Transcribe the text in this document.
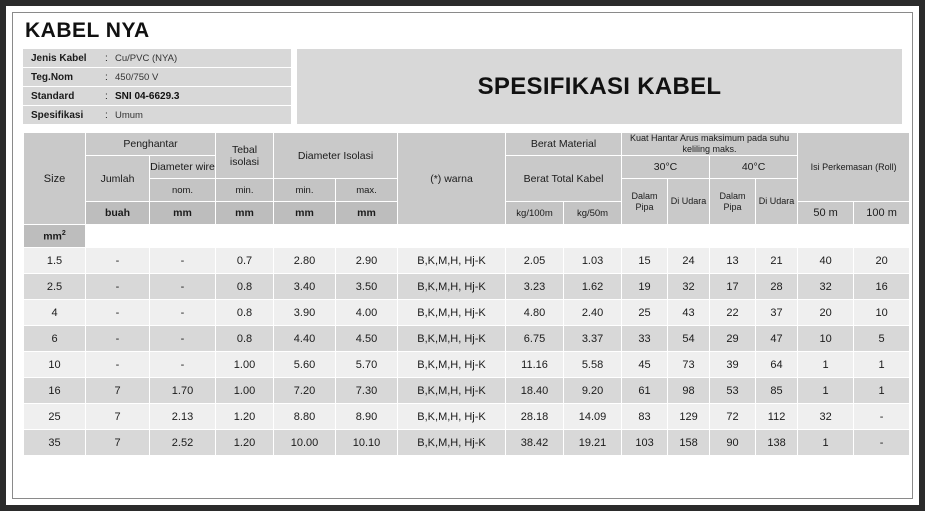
KABEL NYA
Jenis Kabel	: Cu/PVC (NYA)
Teg.Nom	: 450/750 V
Standard	: SNI 04-6629.3
Spesifikasi	: Umum
SPESIFIKASI KABEL
Size	Penghantar		Tebal isolasi	Diameter Isolasi		(*) warna	Berat Material		Kuat Hantar Arus maksimum pada suhu keliling maks.				Isi Perkemasan (Roll)	
	Jumlah	Diameter wire					Berat Total Kabel		30°C		40°C			
		nom.	min.	min.	max.				Dalam Pipa	Di Udara	Dalam Pipa	Di Udara		
	buah	mm	mm	mm	mm		kg/100m	kg/50m					50 m	100 m
$mm^2$	
1.5	-	-	0.7	2.80	2.90	B,K,M,H, Hj-K	2.05	1.03	15	24	13	21	40	20
2.5	-	-	0.8	3.40	3.50	B,K,M,H, Hj-K	3.23	1.62	19	32	17	28	32	16
4	-	-	0.8	3.90	4.00	B,K,M,H, Hj-K	4.80	2.40	25	43	22	37	20	10
6	-	-	0.8	4.40	4.50	B,K,M,H, Hj-K	6.75	3.37	33	54	29	47	10	5
10	-	-	1.00	5.60	5.70	B,K,M,H, Hj-K	11.16	5.58	45	73	39	64	1	1
16	7	1.70	1.00	7.20	7.30	B,K,M,H, Hj-K	18.40	9.20	61	98	53	85	1	1
25	7	2.13	1.20	8.80	8.90	B,K,M,H, Hj-K	28.18	14.09	83	129	72	112	32	-
35	7	2.52	1.20	10.00	10.10	B,K,M,H, Hj-K	38.42	19.21	103	158	90	138	1	-
